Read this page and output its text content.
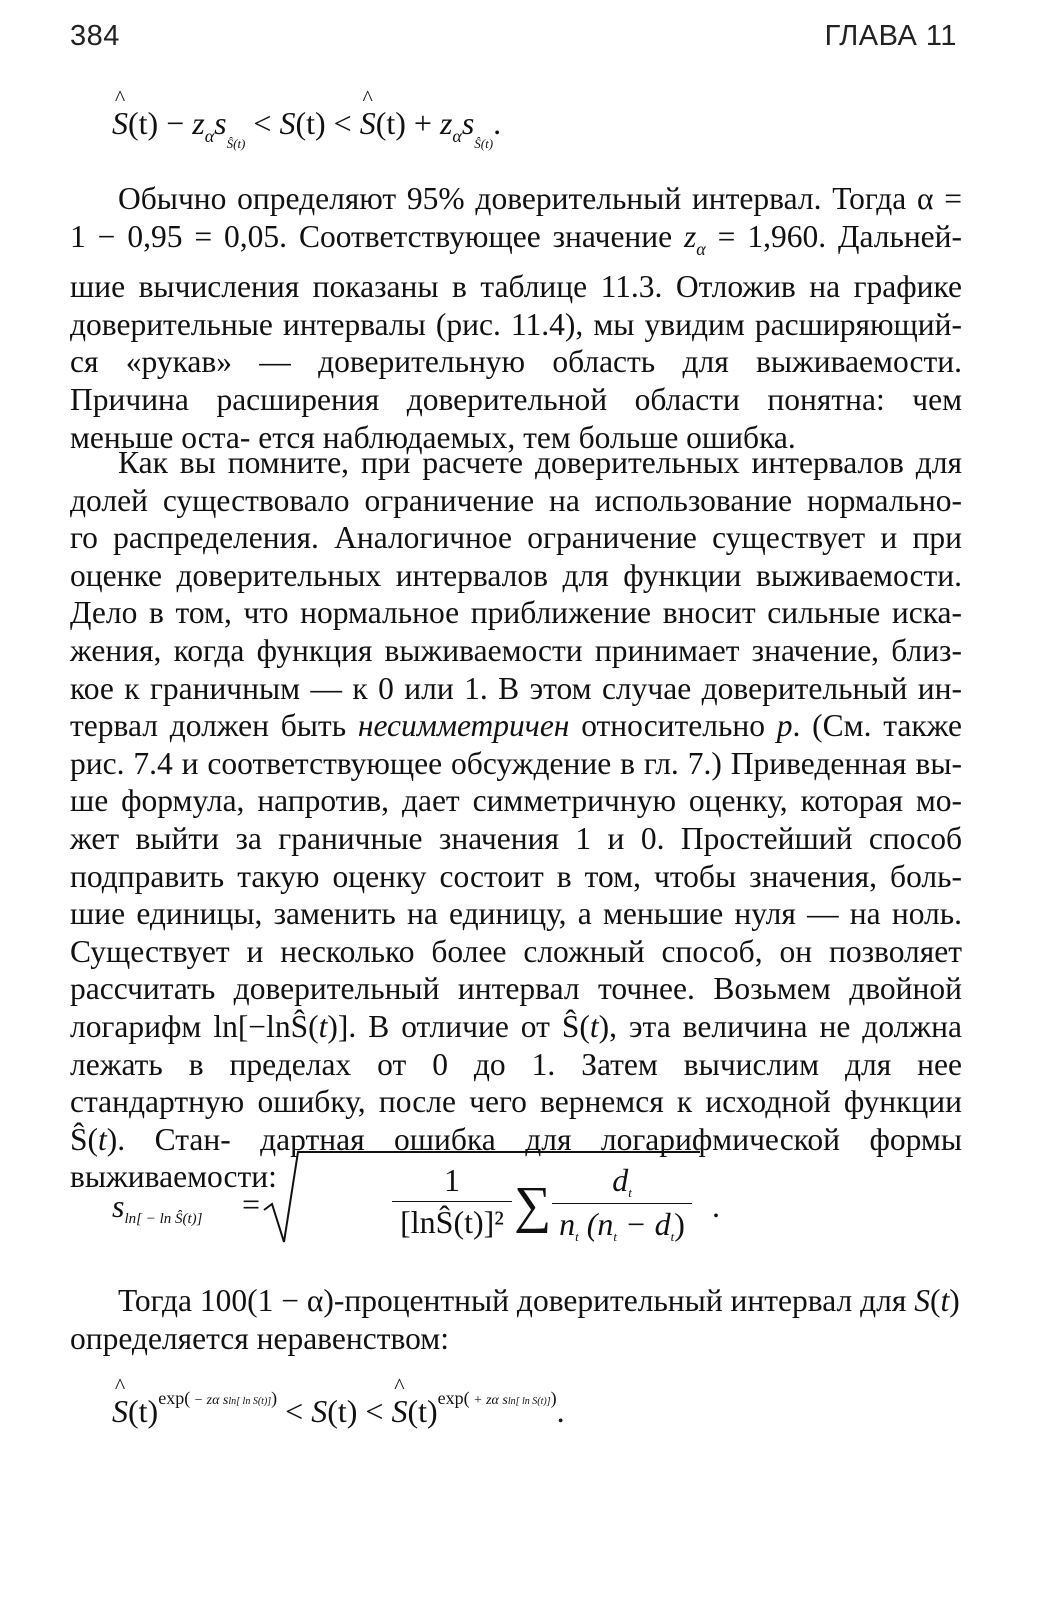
384	ГЛАВА 11
^ $S(t) - z_\alpha s_{Ŝ(t)} < S(t)$ < ^ $S(t) + z_\alpha s_{Ŝ(t)}$.

Обычно определяют 95% доверительный интервал. Тогда α = 1 − 0,95 = 0,05. Соответствующее значение $z_\alpha = 1,960$. Дальней- шие вычисления показаны в таблице 11.3. Отложив на графике доверительные интервалы (рис. 11.4), мы увидим расширяющий- ся «рукав» — доверительную область для выживаемости. Причина расширения доверительной области понятна: чем меньше оста- ется наблюдаемых, тем больше ошибка.

Как вы помните, при расчете доверительных интервалов для долей существовало ограничение на использование нормально- го распределения. Аналогичное ограничение существует и при оценке доверительных интервалов для функции выживаемости. Дело в том, что нормальное приближение вносит сильные иска- жения, когда функция выживаемости принимает значение, близ- кое к граничным — к 0 или 1. В этом случае доверительный ин- тервал должен быть несимметричен относительно p. (См. также рис. 7.4 и соответствующее обсуждение в гл. 7.) Приведенная вы- ше формула, напротив, дает симметричную оценку, которая мо- жет выйти за граничные значения 1 и 0. Простейший способ подправить такую оценку состоит в том, чтобы значения, боль- шие единицы, заменить на единицу, а меньшие нуля — на ноль. Существует и несколько более сложный способ, он позволяет рассчитать доверительный интервал точнее. Возьмем двойной логарифм ln[−lnŜ(t)]. В отличие от Ŝ(t), эта величина не должна лежать в пределах от 0 до 1. Затем вычислим для нее стандартную ошибку, после чего вернемся к исходной функции Ŝ(t). Стан- дартная ошибка для логарифмической формы выживаемости:

sln[ − ln Ŝ(t)] =	$\frac{1}{\text{[lnŜ(t)]²}}$ ∑ $\frac{dt}{nt (nt - dt)}$ .

Тогда 100(1 − α)-процентный доверительный интервал для S(t)

определяется неравенством:

^ $S(t)^{exp( - z\alpha sln[ ln S(t)])} < S(t)$ < ^ $S(t)^{exp( + z\alpha sln[ ln S(t)])}$.
